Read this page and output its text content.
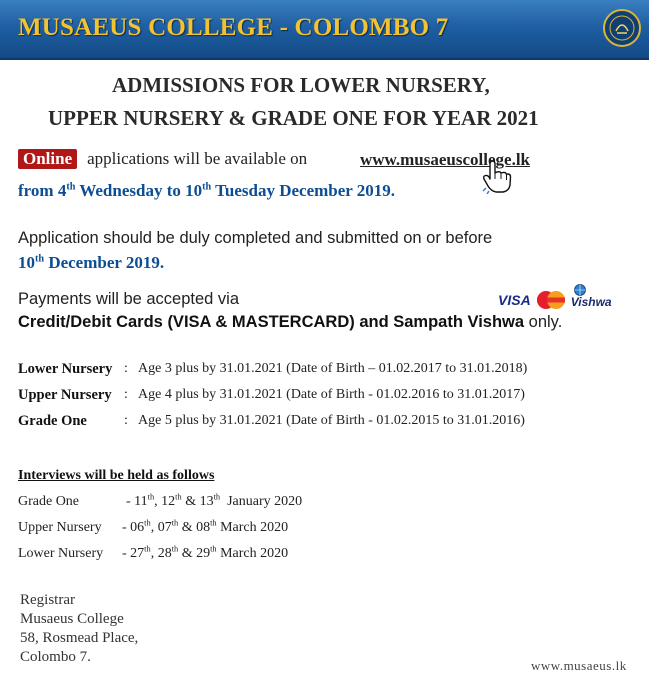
MUSAEUS COLLEGE - COLOMBO 7
ADMISSIONS FOR LOWER NURSERY,
UPPER NURSERY & GRADE ONE FOR YEAR 2021
Online applications will be available on	www.musaeuscollege.lk
from 4th Wednesday to 10th Tuesday December 2019.
Application should be duly completed and submitted on or before
10th December 2019.
Payments will be accepted via	VISA	Vishwa
Credit/Debit Cards (VISA & MASTERCARD) and Sampath Vishwa only.
Lower Nursery : Age 3 plus by 31.01.2021 (Date of Birth – 01.02.2017 to 31.01.2018)
Upper Nursery : Age 4 plus by 31.01.2021 (Date of Birth - 01.02.2016 to 31.01.2017)
Grade One	: Age 5 plus by 31.01.2021 (Date of Birth - 01.02.2015 to 31.01.2016)
Interviews will be held as follows
Grade One	- 11th, 12th & 13th  January 2020
Upper Nursery - 06th, 07th & 08th March 2020
Lower Nursery - 27th, 28th & 29th March 2020
Registrar
Musaeus College
58, Rosmead Place,
Colombo 7.
www.musaeus.lk
